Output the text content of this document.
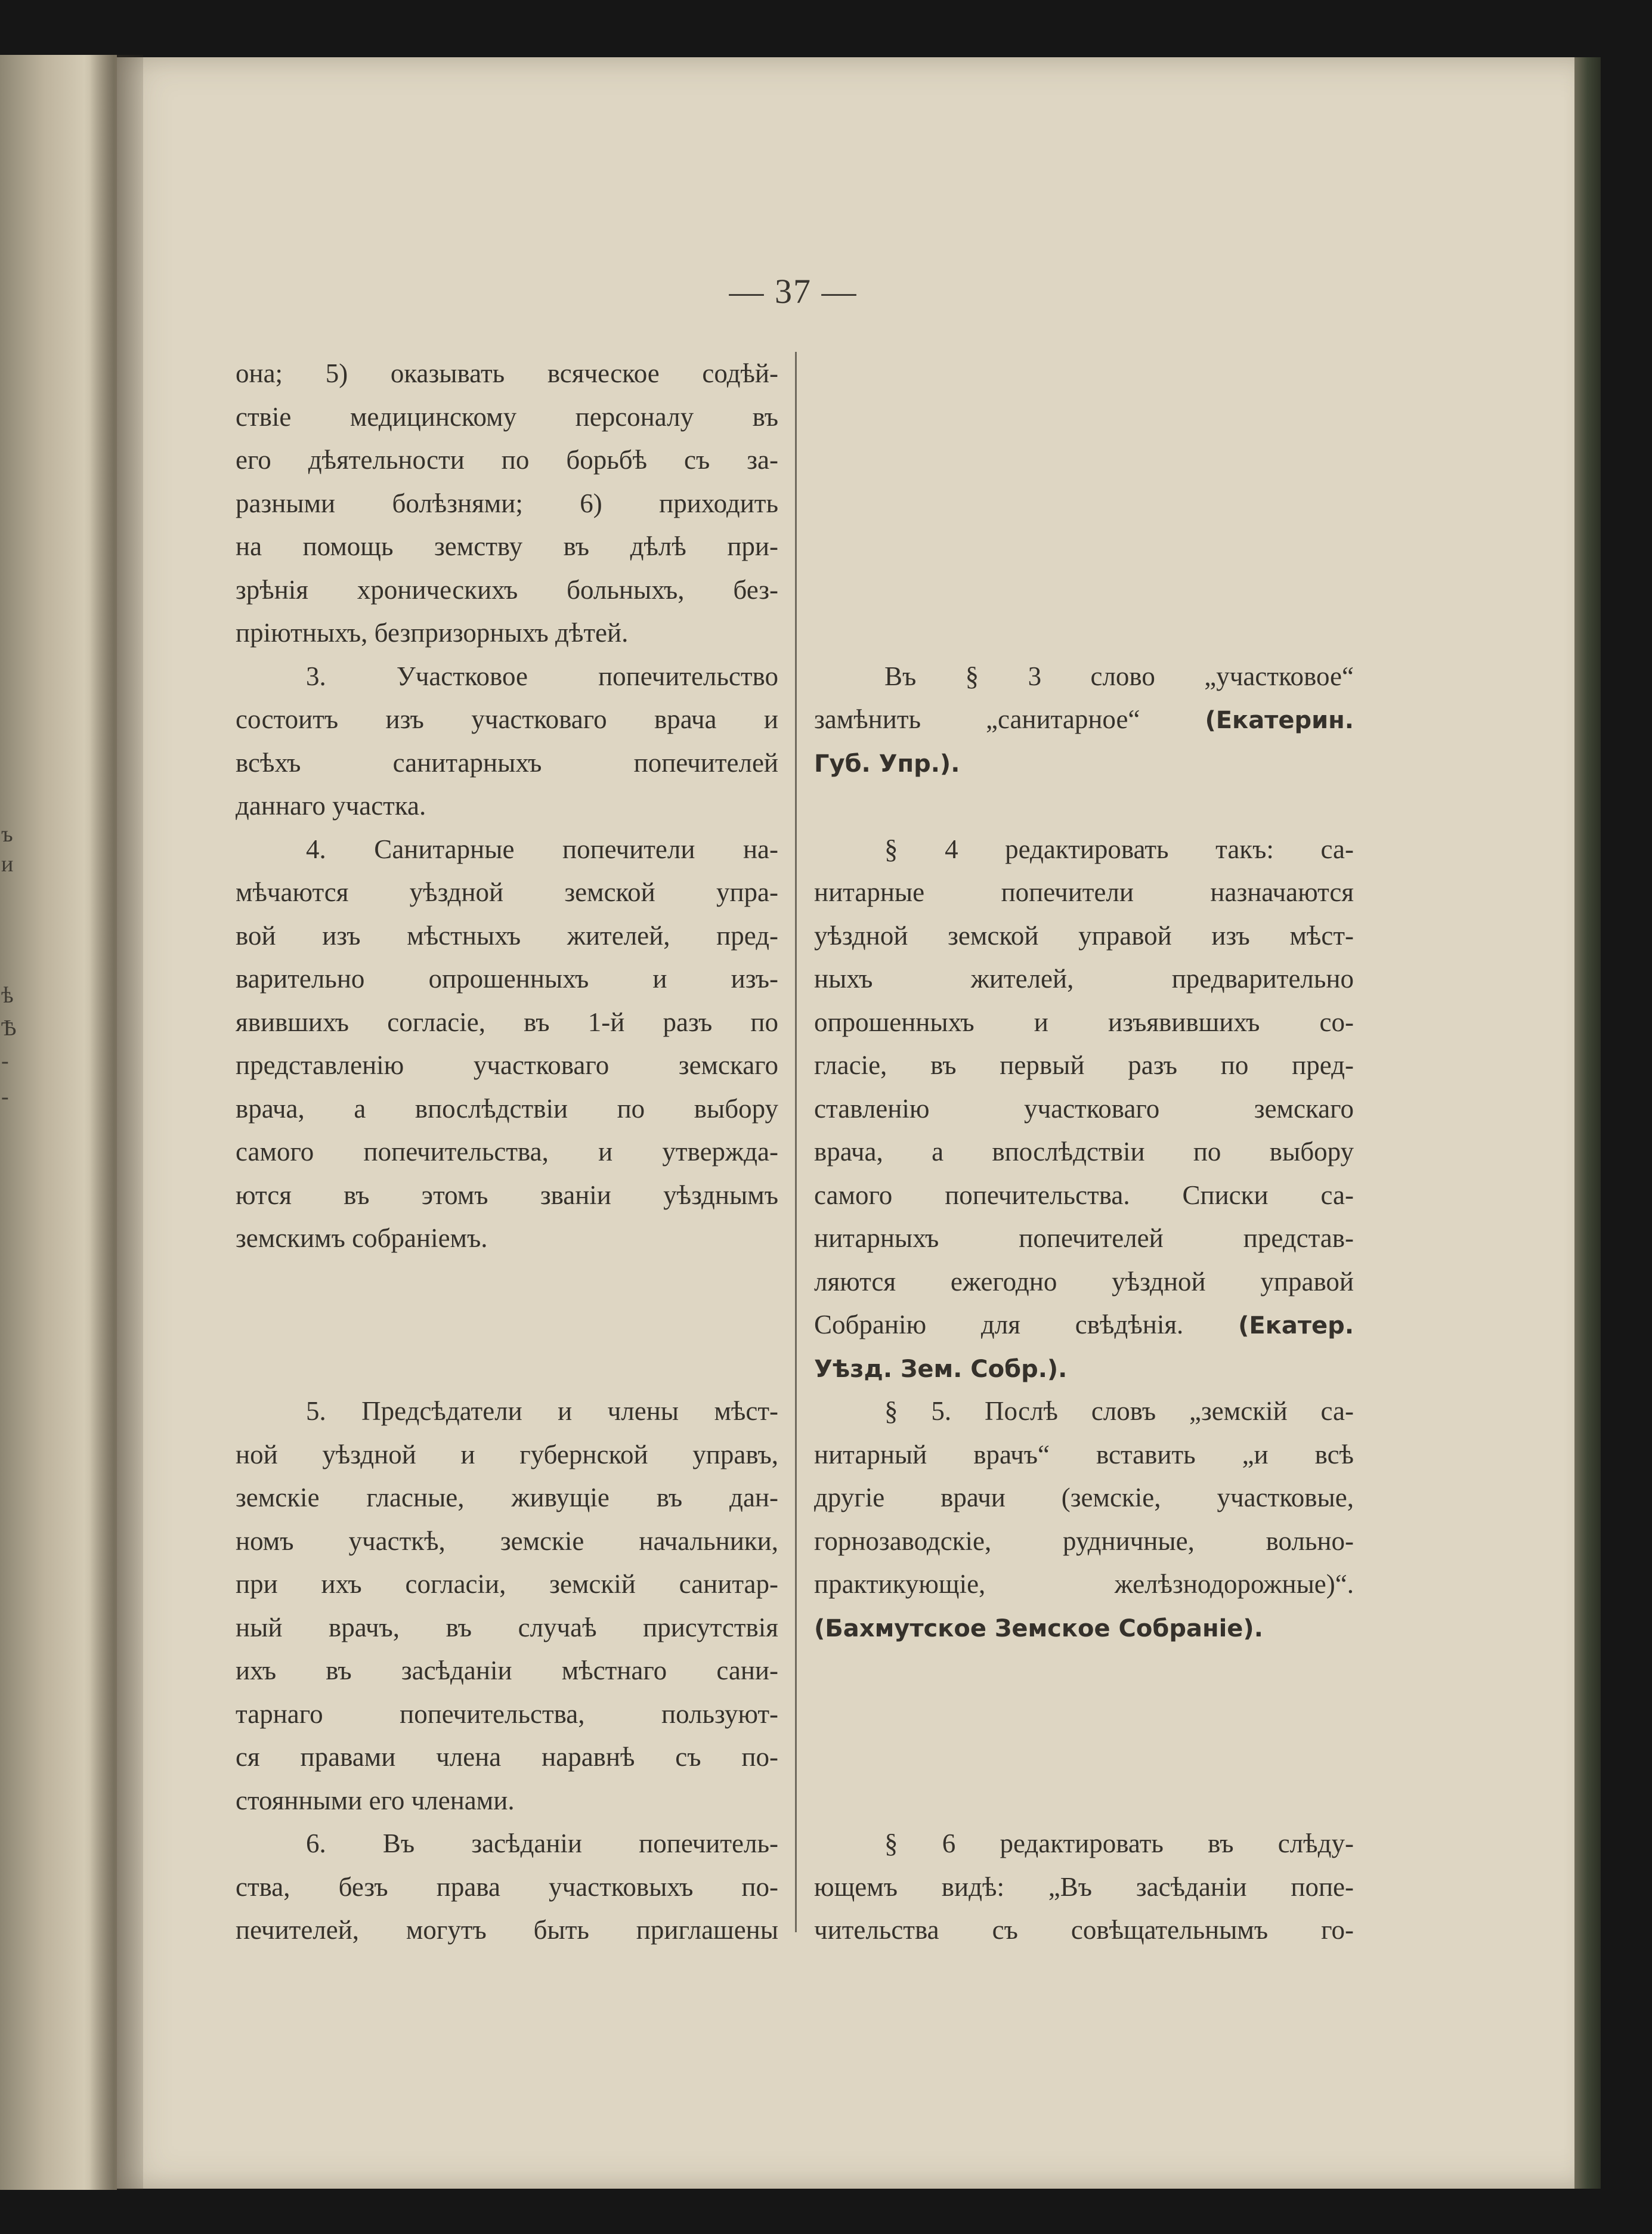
ъ
и
ѣ
Ѣ
-
-
— 37 —
она; 5) оказывать всяческое содѣй-
ствіе медицинскому персоналу въ
его дѣятельности по борьбѣ съ за-
разными болѣзнями; 6) приходить
на помощь земству въ дѣлѣ при-
зрѣнія хроническихъ больныхъ, без-
пріютныхъ, безпризорныхъ дѣтей.
3. Участковое попечительство
состоитъ изъ участковаго врача и
всѣхъ санитарныхъ попечителей
даннаго участка.
4. Санитарные попечители на-
мѣчаются уѣздной земской упра-
вой изъ мѣстныхъ жителей, пред-
варительно опрошенныхъ и изъ-
явившихъ согласіе, въ 1-й разъ по
представленію участковаго земскаго
врача, а впослѣдствіи по выбору
самого попечительства, и утвержда-
ются въ этомъ званіи уѣзднымъ
земскимъ собраніемъ.
5. Предсѣдатели и члены мѣст-
ной уѣздной и губернской управъ,
земскіе гласные, живущіе въ дан-
номъ участкѣ, земскіе начальники,
при ихъ согласіи, земскій санитар-
ный врачъ, въ случаѣ присутствія
ихъ въ засѣданіи мѣстнаго сани-
тарнаго попечительства, пользуют-
ся правами члена наравнѣ съ по-
стоянными его членами.
6. Въ засѣданіи попечитель-
ства, безъ права участковыхъ по-
печителей, могутъ быть приглашены
Въ § 3 слово „участковое“
замѣнить „санитарное“	(Екатерин.
Губ. Упр.).
§ 4 редактировать такъ: са-
нитарные попечители назначаются
уѣздной земской управой изъ мѣст-
ныхъ жителей, предварительно
опрошенныхъ и изъявившихъ со-
гласіе, въ первый разъ по пред-
ставленію участковаго земскаго
врача, а впослѣдствіи по выбору
самого попечительства. Списки са-
нитарныхъ попечителей представ-
ляются ежегодно уѣздной управой
Собранію для свѣдѣнія. (Екатер.
Уѣзд. Зем. Собр.).
§ 5. Послѣ словъ „земскій са-
нитарный врачъ“ вставить „и всѣ
другіе врачи (земскіе, участковые,
горнозаводскіе, рудничные, вольно-
практикующіе, желѣзнодорожные)“.
(Бахмутское Земское Собраніе).
§ 6 редактировать въ слѣду-
ющемъ видѣ: „Въ засѣданіи попе-
чительства съ совѣщательнымъ го-
